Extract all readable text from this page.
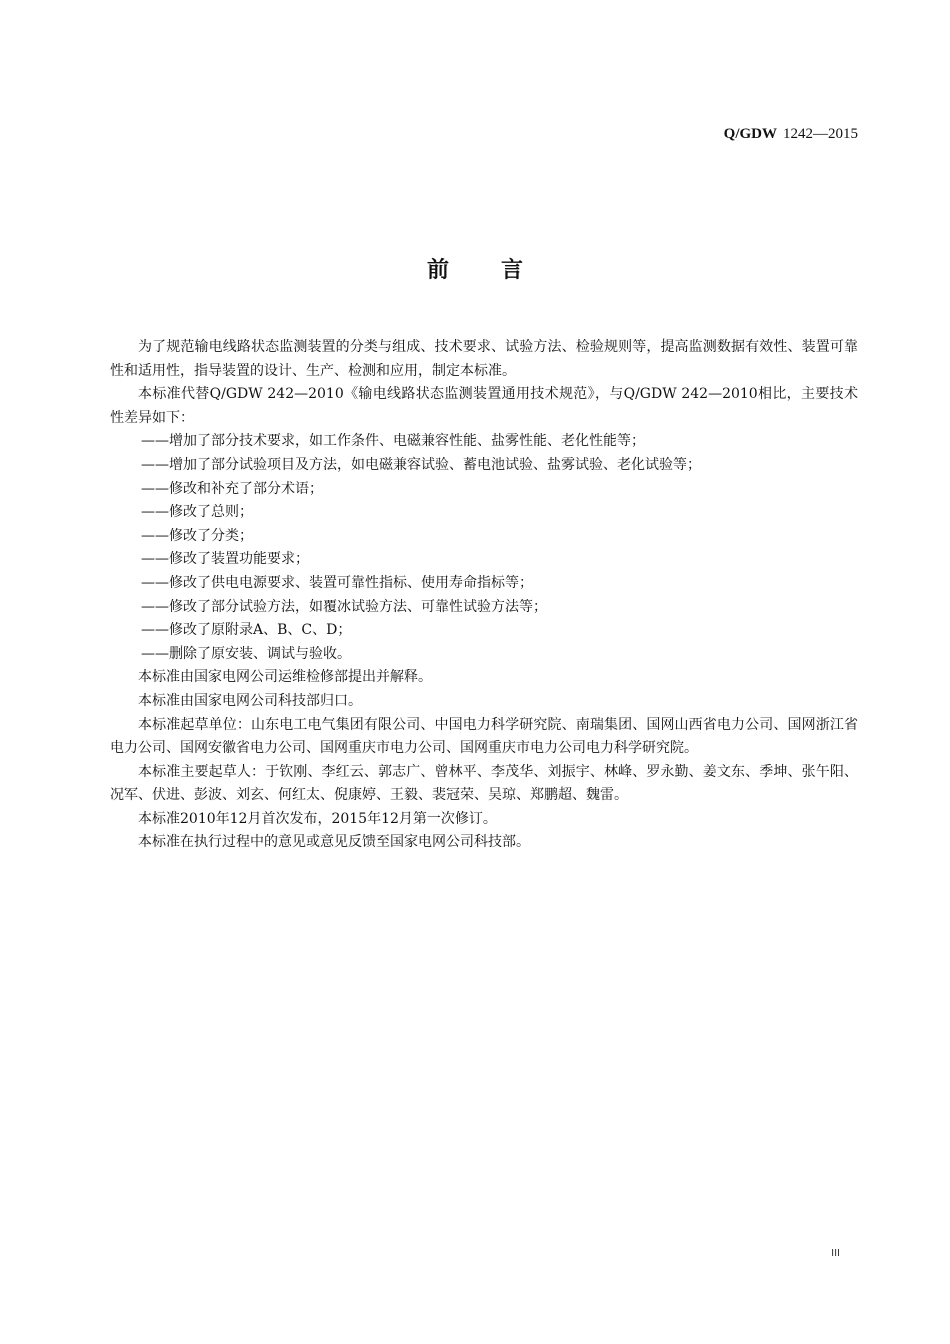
Q/GDW 1242—2015
前言

为了规范输电线路状态监测装置的分类与组成、技术要求、试验方法、检验规则等，提高监测数据有效性、装置可靠性和适用性，指导装置的设计、生产、检测和应用，制定本标准。

本标准代替Q/GDW 242—2010《输电线路状态监测装置通用技术规范》，与Q/GDW 242—2010相比，主要技术性差异如下：

——增加了部分技术要求，如工作条件、电磁兼容性能、盐雾性能、老化性能等；

——增加了部分试验项目及方法，如电磁兼容试验、蓄电池试验、盐雾试验、老化试验等；

——修改和补充了部分术语；

——修改了总则；

——修改了分类；

——修改了装置功能要求；

——修改了供电电源要求、装置可靠性指标、使用寿命指标等；

——修改了部分试验方法，如覆冰试验方法、可靠性试验方法等；

——修改了原附录A、B、C、D；

——删除了原安装、调试与验收。

本标准由国家电网公司运维检修部提出并解释。

本标准由国家电网公司科技部归口。

本标准起草单位：山东电工电气集团有限公司、中国电力科学研究院、南瑞集团、国网山西省电力公司、国网浙江省电力公司、国网安徽省电力公司、国网重庆市电力公司、国网重庆市电力公司电力科学研究院。

本标准主要起草人：于钦刚、李红云、郭志广、曾林平、李茂华、刘振宇、林峰、罗永勤、姜文东、季坤、张午阳、况军、伏进、彭波、刘玄、何红太、倪康婷、王毅、裴冠荣、吴琼、郑鹏超、魏雷。

本标准2010年12月首次发布，2015年12月第一次修订。

本标准在执行过程中的意见或意见反馈至国家电网公司科技部。

III
